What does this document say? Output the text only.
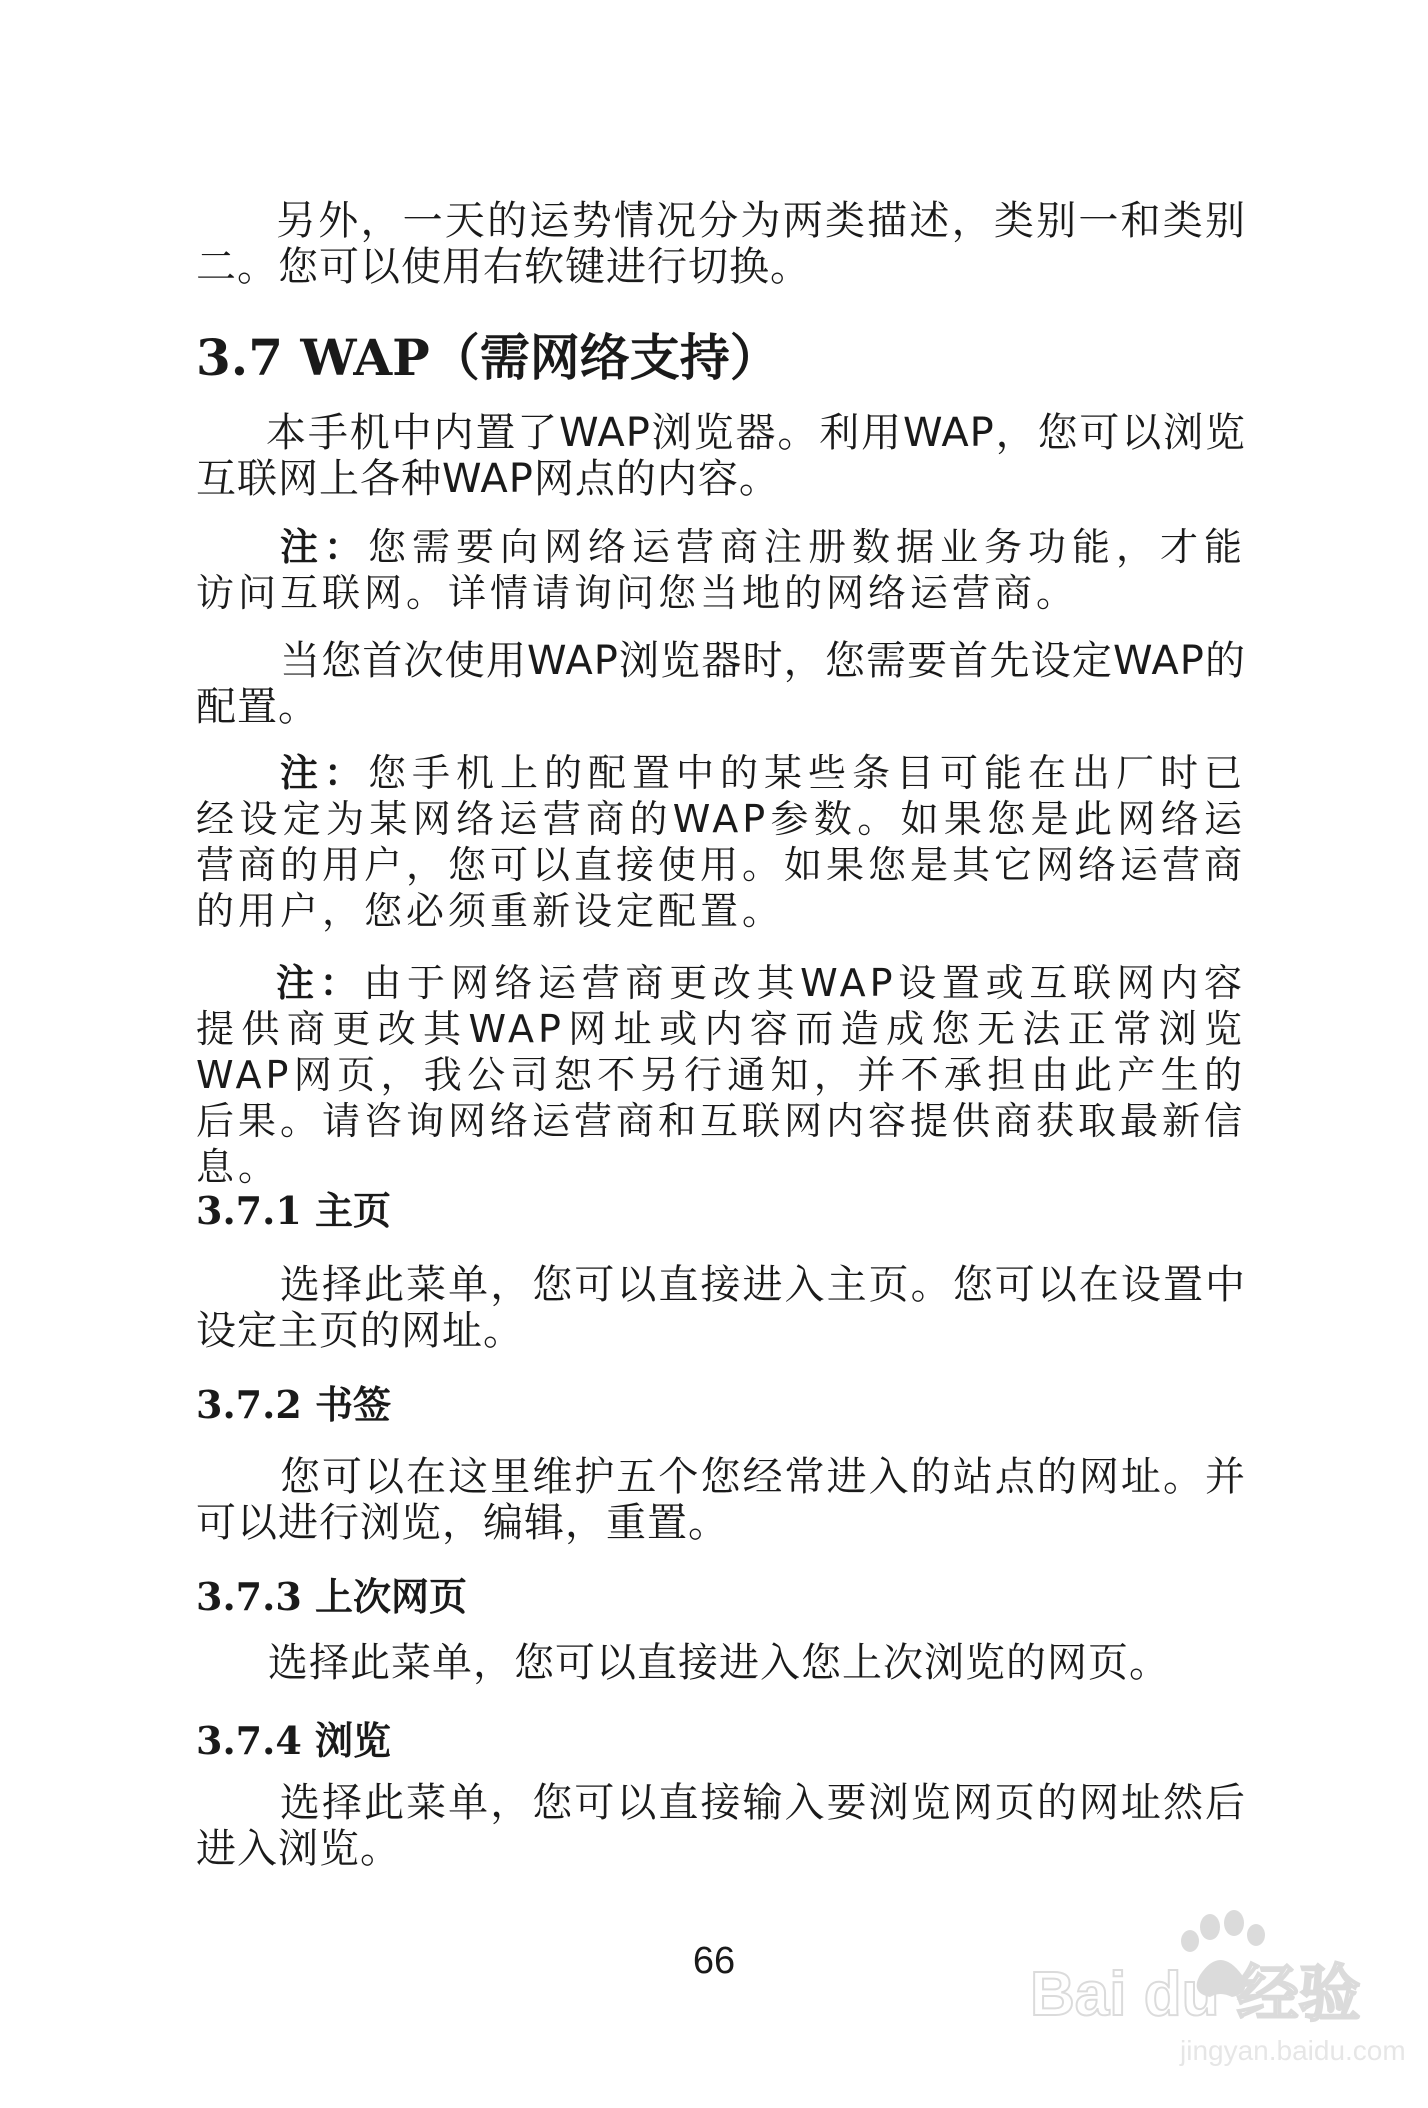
另外，一天的运势情况分为两类描述，类别一和类别二。您可以使用右软键进行切换。

3.7 WAP（需网络支持）

本手机中内置了WAP浏览器。利用WAP，您可以浏览互联网上各种WAP网点的内容。

注：您需要向网络运营商注册数据业务功能，才能访问互联网。详情请询问您当地的网络运营商。

当您首次使用WAP浏览器时，您需要首先设定WAP的配置。

注：您手机上的配置中的某些条目可能在出厂时已经设定为某网络运营商的WAP参数。如果您是此网络运营商的用户，您可以直接使用。如果您是其它网络运营商的用户，您必须重新设定配置。

注：由于网络运营商更改其WAP设置或互联网内容提供商更改其WAP网址或内容而造成您无法正常浏览WAP网页，我公司恕不另行通知，并不承担由此产生的后果。请咨询网络运营商和互联网内容提供商获取最新信息。

3.7.1 主页

选择此菜单，您可以直接进入主页。您可以在设置中设定主页的网址。

3.7.2 书签

您可以在这里维护五个您经常进入的站点的网址。并可以进行浏览，编辑，重置。

3.7.3 上次网页

选择此菜单，您可以直接进入您上次浏览的网页。

3.7.4 浏览

选择此菜单，您可以直接输入要浏览网页的网址然后进入浏览。

66	Bai du 经验

jingyan.baidu.com
